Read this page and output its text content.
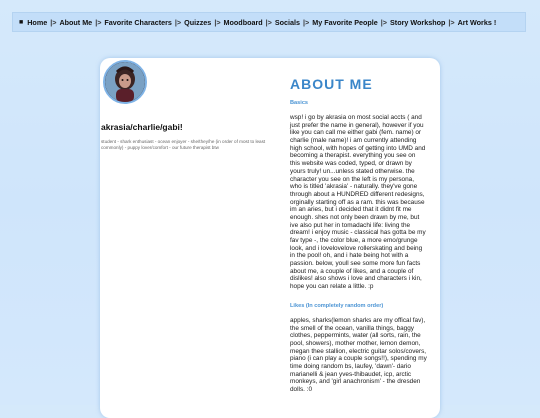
■ Home |> About Me |> Favorite Characters |> Quizzes |> Moodboard |> Socials |> My Favorite People |> Story Workshop |> Art Works !
akrasia/charlie/gabi!
student - shark enthusiast - ocean enjoyer - she/they/he (in order of most to least commonly) - puppy lover/comfort - our future therapist btw
ABOUT ME
Basics

wsp! i go by akrasia on most social accts ( and just prefer the name in general), however if you like you can call me either gabi (fem. name) or charlie (male name)! i am currently attending high school, with hopes of getting into UMD and becoming a therapist. everything you see on this website was coded, typed, or drawn by yours truly! un...unless stated otherwise. the character you see on the left is my persona, who is titled 'akrasia' - naturally. they've gone through about a HUNDRED different redesigns, orginally starting off as a ram. this was because im an aries, but i decided that it didnt fit me enough. shes not only been drawn by me, but ive also put her in tomadachi life: living the dream! i enjoy music - classical has gotta be my fav type -, the color blue, a more emo/grunge look, and i lovelovelove rollerskating and being in the pool! oh, and i hate being hot with a passion. below, youll see some more fun facts about me, a couple of likes, and a couple of dislikes! also shows i love and characters i kin, hope you can relate a little. :p

Likes (In completely random order)

apples, sharks(lemon sharks are my offical fav), the smell of the ocean, vanilla things, baggy clothes, peppermints, water (all sorts, rain, the pool, showers), mother mother, lemon demon, megan thee stallion, electric guitar solos/covers, piano (i can play a couple songs!!), spending my time doing random bs, laufey, 'dawn'- dario marianelli & jean yves-thibaudet, icp, arctic monkeys, and 'girl anachronism' - the dresden dolls. :0
